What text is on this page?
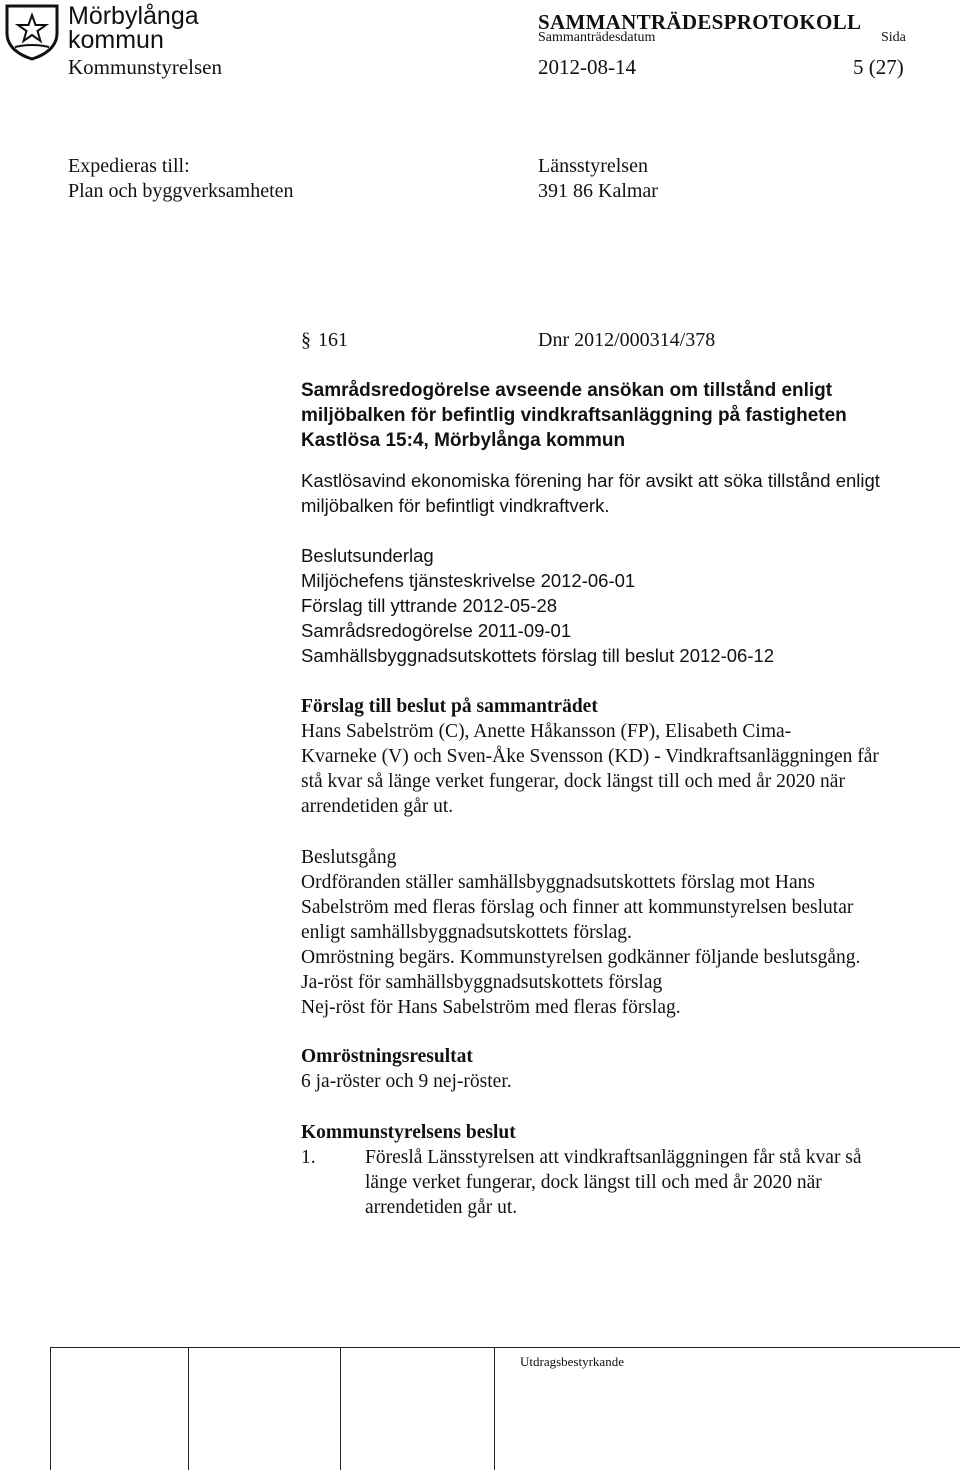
Mörbylånga
kommun
SAMMANTRÄDESPROTOKOLL
Sammanträdesdatum	Sida
Kommunstyrelsen	2012-08-14	5 (27)
Expedieras till:
Plan och byggverksamheten
Länsstyrelsen
391 86 Kalmar
§ 161	Dnr 2012/000314/378
Samrådsredogörelse avseende ansökan om tillstånd enligt
miljöbalken för befintlig vindkraftsanläggning på fastigheten
Kastlösa 15:4, Mörbylånga kommun
Kastlösavind ekonomiska förening har för avsikt att söka tillstånd enligt
miljöbalken för befintligt vindkraftverk.
Beslutsunderlag
Miljöchefens tjänsteskrivelse 2012-06-01
Förslag till yttrande 2012-05-28
Samrådsredogörelse 2011-09-01
Samhällsbyggnadsutskottets förslag till beslut 2012-06-12
Förslag till beslut på sammanträdet
Hans Sabelström (C), Anette Håkansson (FP), Elisabeth Cima-
Kvarneke (V) och Sven-Åke Svensson (KD) - Vindkraftsanläggningen får
stå kvar så länge verket fungerar, dock längst till och med år 2020 när
arrendetiden går ut.
Beslutsgång
Ordföranden ställer samhällsbyggnadsutskottets förslag mot Hans
Sabelström med fleras förslag och finner att kommunstyrelsen beslutar
enligt samhällsbyggnadsutskottets förslag.
Omröstning begärs. Kommunstyrelsen godkänner följande beslutsgång.
Ja-röst för samhällsbyggnadsutskottets förslag
Nej-röst för Hans Sabelström med fleras förslag.
Omröstningsresultat
6 ja-röster och 9 nej-röster.
Kommunstyrelsens beslut
1.	Föreslå Länsstyrelsen att vindkraftsanläggningen får stå kvar så
länge verket fungerar, dock längst till och med år 2020 när
arrendetiden går ut.
Utdragsbestyrkande
